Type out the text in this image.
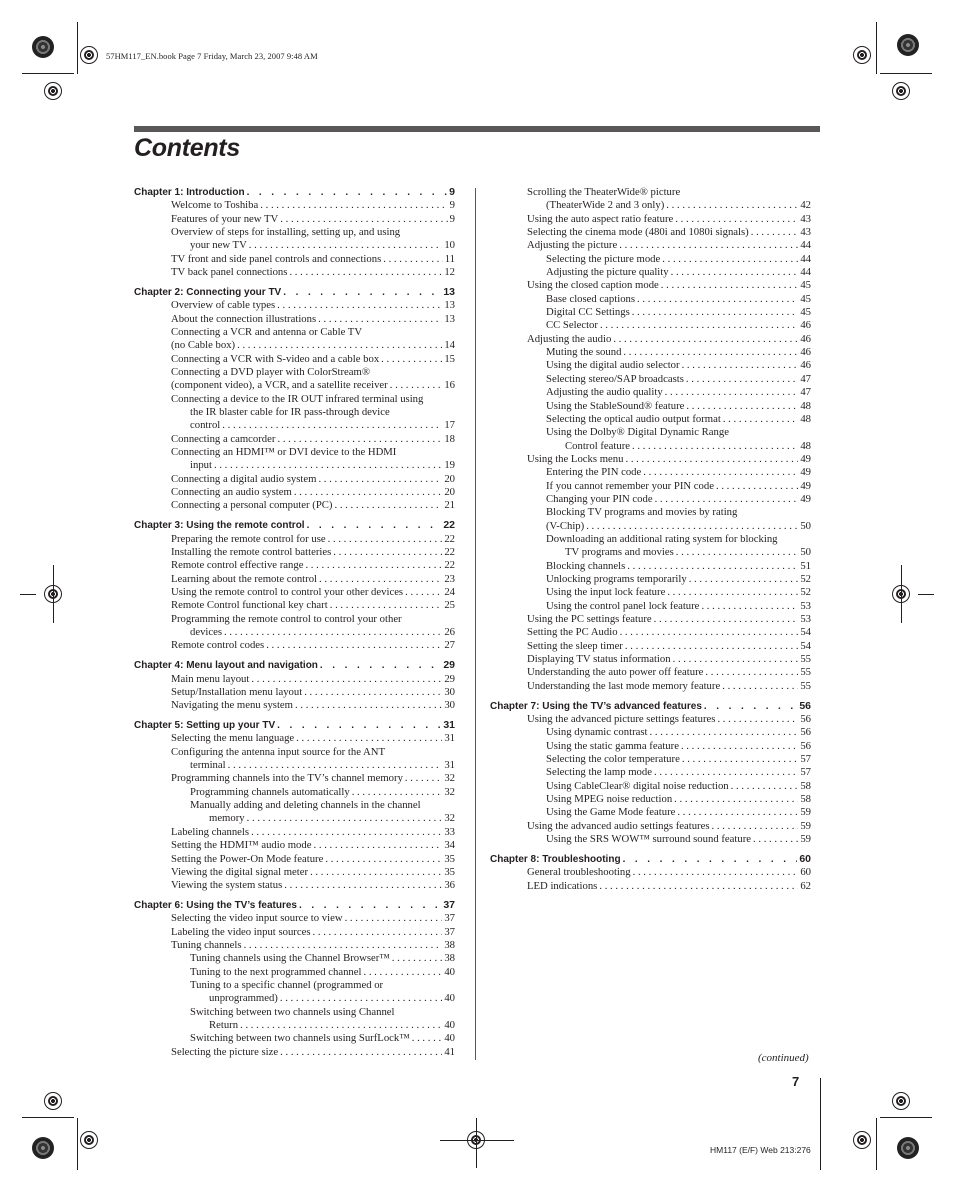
57HM117_EN.book Page 7 Friday, March 23, 2007 9:48 AM
Contents
Chapter 1: Introduction . . .	9
Welcome to Toshiba . . .	9
Features of your new TV . . .	9
Overview of steps for installing, setting up, and using
your new TV . . .	10
TV front and side panel controls and connections . . .	11
TV back panel connections . . .	12
Chapter 2: Connecting your TV . . .	13
Overview of cable types . . .	13
About the connection illustrations . . .	13
Connecting a VCR and antenna or Cable TV
(no Cable box) . . .	14
Connecting a VCR with S-video and a cable box . . .	15
Connecting a DVD player with ColorStream®
(component video), a VCR, and a satellite receiver . . .	16
Connecting a device to the IR OUT infrared terminal using
the IR blaster cable for IR pass-through device
control . . .	17
Connecting a camcorder . . .	18
Connecting an HDMI™ or DVI device to the HDMI
input . . .	19
Connecting a digital audio system . . .	20
Connecting an audio system . . .	20
Connecting a personal computer (PC) . . .	21
Chapter 3: Using the remote control . . .	22
Preparing the remote control for use . . .	22
Installing the remote control batteries . . .	22
Remote control effective range . . .	22
Learning about the remote control . . .	23
Using the remote control to control your other devices . . .	24
Remote Control functional key chart . . .	25
Programming the remote control to control your other
devices . . .	26
Remote control codes . . .	27
Chapter 4: Menu layout and navigation . . .	29
Main menu layout . . .	29
Setup/Installation menu layout . . .	30
Navigating the menu system . . .	30
Chapter 5: Setting up your TV . . .	31
Selecting the menu language . . .	31
Configuring the antenna input source for the ANT
terminal . . .	31
Programming channels into the TV’s channel memory . . .	32
Programming channels automatically . . .	32
Manually adding and deleting channels in the channel
memory . . .	32
Labeling channels . . .	33
Setting the HDMI™ audio mode . . .	34
Setting the Power-On Mode feature . . .	35
Viewing the digital signal meter . . .	35
Viewing the system status . . .	36
Chapter 6: Using the TV’s features . . .	37
Selecting the video input source to view . . .	37
Labeling the video input sources . . .	37
Tuning channels . . .	38
Tuning channels using the Channel Browser™ . . .	38
Tuning to the next programmed channel . . .	40
Tuning to a specific channel (programmed or
unprogrammed) . . .	40
Switching between two channels using Channel
Return . . .	40
Switching between two channels using SurfLock™ . . .	40
Selecting the picture size . . .	41
Scrolling the TheaterWide® picture
(TheaterWide 2 and 3 only) . . .	42
Using the auto aspect ratio feature . . .	43
Selecting the cinema mode (480i and 1080i signals) . . .	43
Adjusting the picture . . .	44
Selecting the picture mode . . .	44
Adjusting the picture quality . . .	44
Using the closed caption mode . . .	45
Base closed captions . . .	45
Digital CC Settings . . .	45
CC Selector . . .	46
Adjusting the audio . . .	46
Muting the sound . . .	46
Using the digital audio selector . . .	46
Selecting stereo/SAP broadcasts . . .	47
Adjusting the audio quality . . .	47
Using the StableSound® feature . . .	48
Selecting the optical audio output format . . .	48
Using the Dolby® Digital Dynamic Range
Control feature . . .	48
Using the Locks menu . . .	49
Entering the PIN code . . .	49
If you cannot remember your PIN code . . .	49
Changing your PIN code . . .	49
Blocking TV programs and movies by rating
(V-Chip) . . .	50
Downloading an additional rating system for blocking
TV programs and movies . . .	50
Blocking channels . . .	51
Unlocking programs temporarily . . .	52
Using the input lock feature . . .	52
Using the control panel lock feature . . .	53
Using the PC settings feature . . .	53
Setting the PC Audio . . .	54
Setting the sleep timer . . .	54
Displaying TV status information . . .	55
Understanding the auto power off feature . . .	55
Understanding the last mode memory feature . . .	55
Chapter 7: Using the TV’s advanced features . . .	56
Using the advanced picture settings features . . .	56
Using dynamic contrast . . .	56
Using the static gamma feature . . .	56
Selecting the color temperature . . .	57
Selecting the lamp mode . . .	57
Using CableClear® digital noise reduction . . .	58
Using MPEG noise reduction . . .	58
Using the Game Mode feature . . .	59
Using the advanced audio settings features . . .	59
Using the SRS WOW™ surround sound feature . . .	59
Chapter 8: Troubleshooting . . .	60
General troubleshooting . . .	60
LED indications . . .	62
(continued)
7
HM117 (E/F) Web 213:276
